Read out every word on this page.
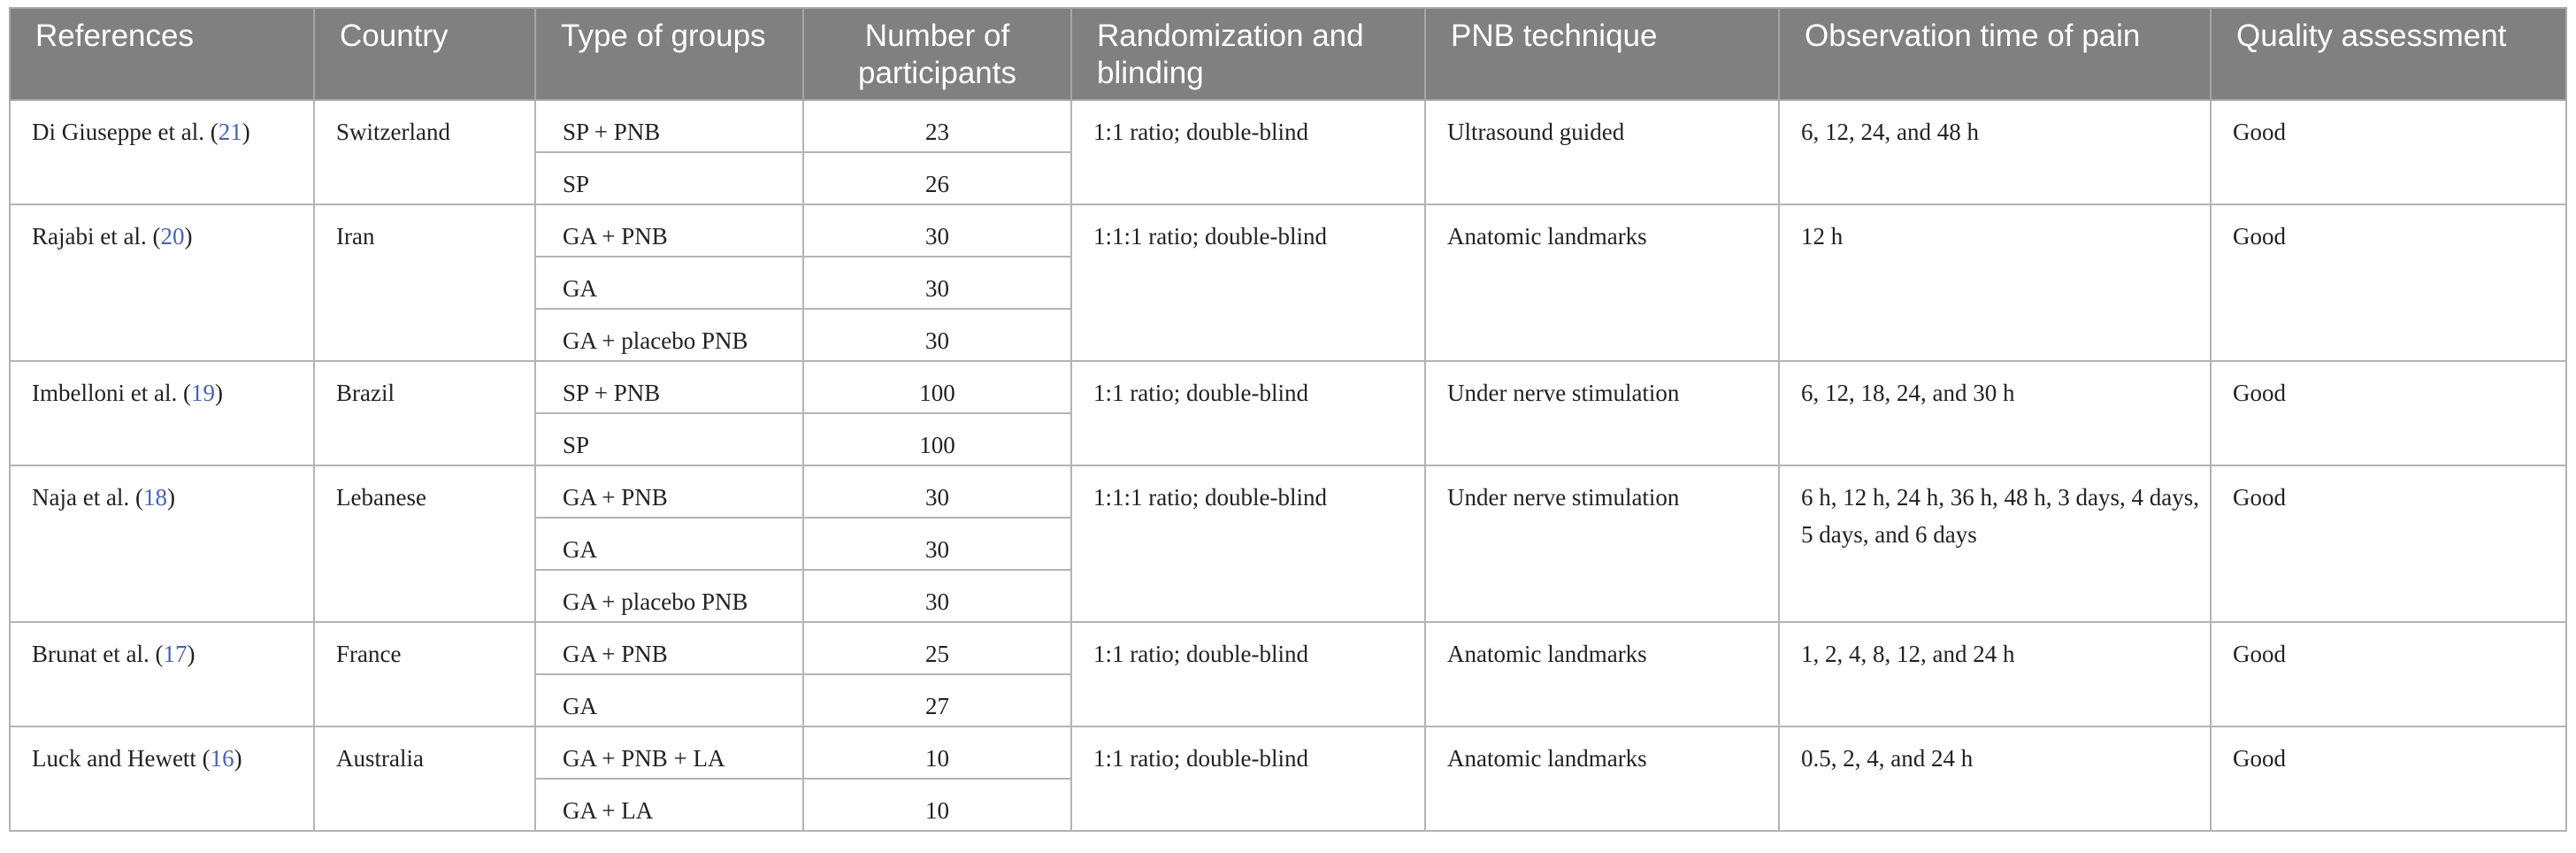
References	Country	Type of groups	Number of participants	Randomization and blinding	PNB technique	Observation time of pain	Quality assessment
Di Giuseppe et al. (21)	Switzerland	SP + PNB	23	1:1 ratio; double-blind	Ultrasound guided	6, 12, 24, and 48 h	Good
		SP	26				
Rajabi et al. (20)	Iran	GA + PNB	30	1:1:1 ratio; double-blind	Anatomic landmarks	12 h	Good
		GA	30				
		GA + placebo PNB	30				
Imbelloni et al. (19)	Brazil	SP + PNB	100	1:1 ratio; double-blind	Under nerve stimulation	6, 12, 18, 24, and 30 h	Good
		SP	100				
Naja et al. (18)	Lebanese	GA + PNB	30	1:1:1 ratio; double-blind	Under nerve stimulation	6 h, 12 h, 24 h, 36 h, 48 h, 3 days, 4 days, 5 days, and 6 days	Good
		GA	30				
		GA + placebo PNB	30				
Brunat et al. (17)	France	GA + PNB	25	1:1 ratio; double-blind	Anatomic landmarks	1, 2, 4, 8, 12, and 24 h	Good
		GA	27				
Luck and Hewett (16)	Australia	GA + PNB + LA	10	1:1 ratio; double-blind	Anatomic landmarks	0.5, 2, 4, and 24 h	Good
		GA + LA	10				
